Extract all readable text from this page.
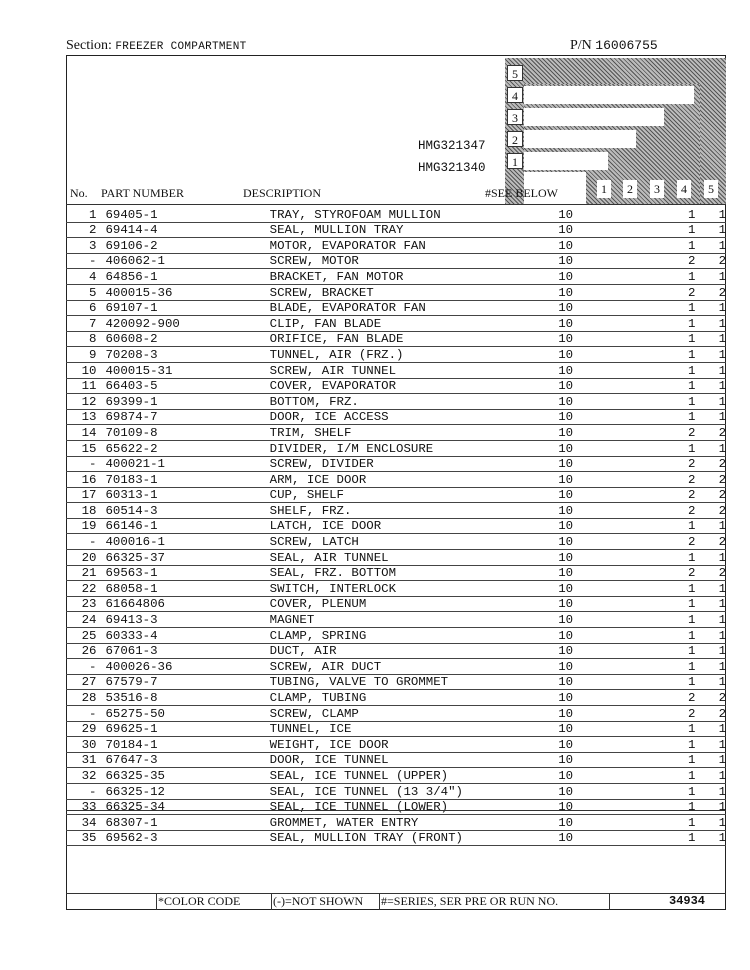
Section: FREEZER COMPARTMENT	P/N 16006755
HMG321347
HMG321340
5
4
3
2
1
1	2	3	4	5
No. PART NUMBER	DESCRIPTION	#SEE BELOW
1	69405-1	TRAY, STYROFOAM MULLION	10	1	1
2	69414-4	SEAL, MULLION TRAY	10	1	1
3	69106-2	MOTOR, EVAPORATOR FAN	10	1	1
-	406062-1	SCREW, MOTOR	10	2	2
4	64856-1	BRACKET, FAN MOTOR	10	1	1
5	400015-36	SCREW, BRACKET	10	2	2
6	69107-1	BLADE, EVAPORATOR FAN	10	1	1
7	420092-900	CLIP, FAN BLADE	10	1	1
8	60608-2	ORIFICE, FAN BLADE	10	1	1
9	70208-3	TUNNEL, AIR (FRZ.)	10	1	1
10	400015-31	SCREW, AIR TUNNEL	10	1	1
11	66403-5	COVER, EVAPORATOR	10	1	1
12	69399-1	BOTTOM, FRZ.	10	1	1
13	69874-7	DOOR, ICE ACCESS	10	1	1
14	70109-8	TRIM, SHELF	10	2	2
15	65622-2	DIVIDER, I/M ENCLOSURE	10	1	1
-	400021-1	SCREW, DIVIDER	10	2	2
16	70183-1	ARM, ICE DOOR	10	2	2
17	60313-1	CUP, SHELF	10	2	2
18	60514-3	SHELF, FRZ.	10	2	2
19	66146-1	LATCH, ICE DOOR	10	1	1
-	400016-1	SCREW, LATCH	10	2	2
20	66325-37	SEAL, AIR TUNNEL	10	1	1
21	69563-1	SEAL, FRZ. BOTTOM	10	2	2
22	68058-1	SWITCH, INTERLOCK	10	1	1
23	61664806	COVER, PLENUM	10	1	1
24	69413-3	MAGNET	10	1	1
25	60333-4	CLAMP, SPRING	10	1	1
26	67061-3	DUCT, AIR	10	1	1
-	400026-36	SCREW, AIR DUCT	10	1	1
27	67579-7	TUBING, VALVE TO GROMMET	10	1	1
28	53516-8	CLAMP, TUBING	10	2	2
-	65275-50	SCREW, CLAMP	10	2	2
29	69625-1	TUNNEL, ICE	10	1	1
30	70184-1	WEIGHT, ICE DOOR	10	1	1
31	67647-3	DOOR, ICE TUNNEL	10	1	1
32	66325-35	SEAL, ICE TUNNEL (UPPER)	10	1	1
-	66325-12	SEAL, ICE TUNNEL (13 3/4")	10	1	1
33	66325-34	SEAL, ICE TUNNEL (LOWER)	10	1	1
34	68307-1	GROMMET, WATER ENTRY	10	1	1
35	69562-3	SEAL, MULLION TRAY (FRONT)	10	1	1
*COLOR CODE	(-)=NOT SHOWN #=SERIES, SER PRE OR RUN NO.	34934
